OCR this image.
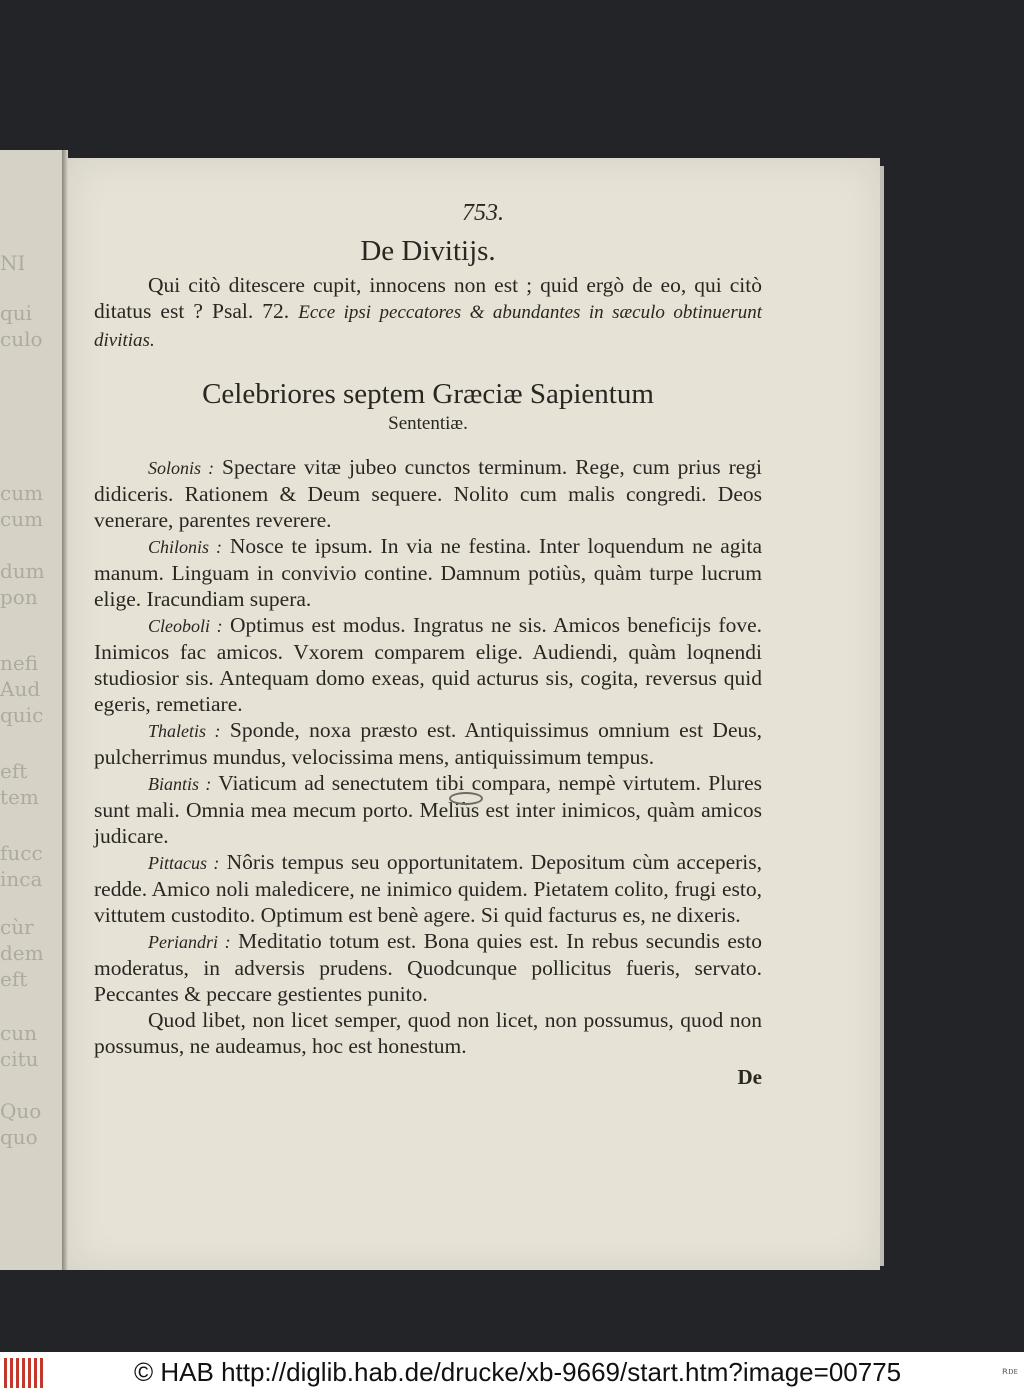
NI
qui
culo
cum
cum
dum
pon
nefi
Aud
quic
eft
tem
fucc
inca
cùr
dem
eft
cun
citu
Quo
quo
753.
De Divitijs.

Qui citò ditescere cupit, innocens non est ; quid ergò de eo, qui citò ditatus est ? Psal. 72. Ecce ipsi peccatores & abundantes in sæculo obtinuerunt divitias.

Celebriores septem Græciæ Sapientum
Sententiæ.

Solonis : Spectare vitæ jubeo cunctos terminum. Rege, cum prius regi didiceris. Rationem & Deum sequere. Nolito cum malis congredi. Deos venerare, parentes reverere.

Chilonis : Nosce te ipsum. In via ne festina. Inter loquendum ne agita manum. Linguam in convivio contine. Damnum potiùs, quàm turpe lucrum elige. Iracundiam supera.

Cleoboli : Optimus est modus. Ingratus ne sis. Amicos beneficijs fove. Inimicos fac amicos. Vxorem comparem elige. Audiendi, quàm loqnendi studiosior sis. Antequam domo exeas, quid acturus sis, cogita, reversus quid egeris, remetiare.

Thaletis : Sponde, noxa præsto est. Antiquissimus omnium est Deus, pulcherrimus mundus, velocissima mens, antiquissimum tempus.

Biantis : Viaticum ad senectutem tibi compara, nempè virtutem. Plures sunt mali. Omnia mea mecum porto. Meliùs est inter inimicos, quàm amicos judicare.

Pittacus : Nôris tempus seu opportunitatem. Depositum cùm acceperis, redde. Amico noli maledicere, ne inimico quidem. Pietatem colito, frugi esto, vittutem custodito. Optimum est benè agere. Si quid facturus es, ne dixeris.

Periandri : Meditatio totum est. Bona quies est. In rebus secundis esto moderatus, in adversis prudens. Quodcunque pollicitus fueris, servato. Peccantes & peccare gestientes punito.

Quod libet, non licet semper, quod non licet, non possumus, quod non possumus, ne audeamus, hoc est honestum.

De
© HAB http://diglib.hab.de/drucke/xb-9669/start.htm?image=00775	ʀᴅᴇ
